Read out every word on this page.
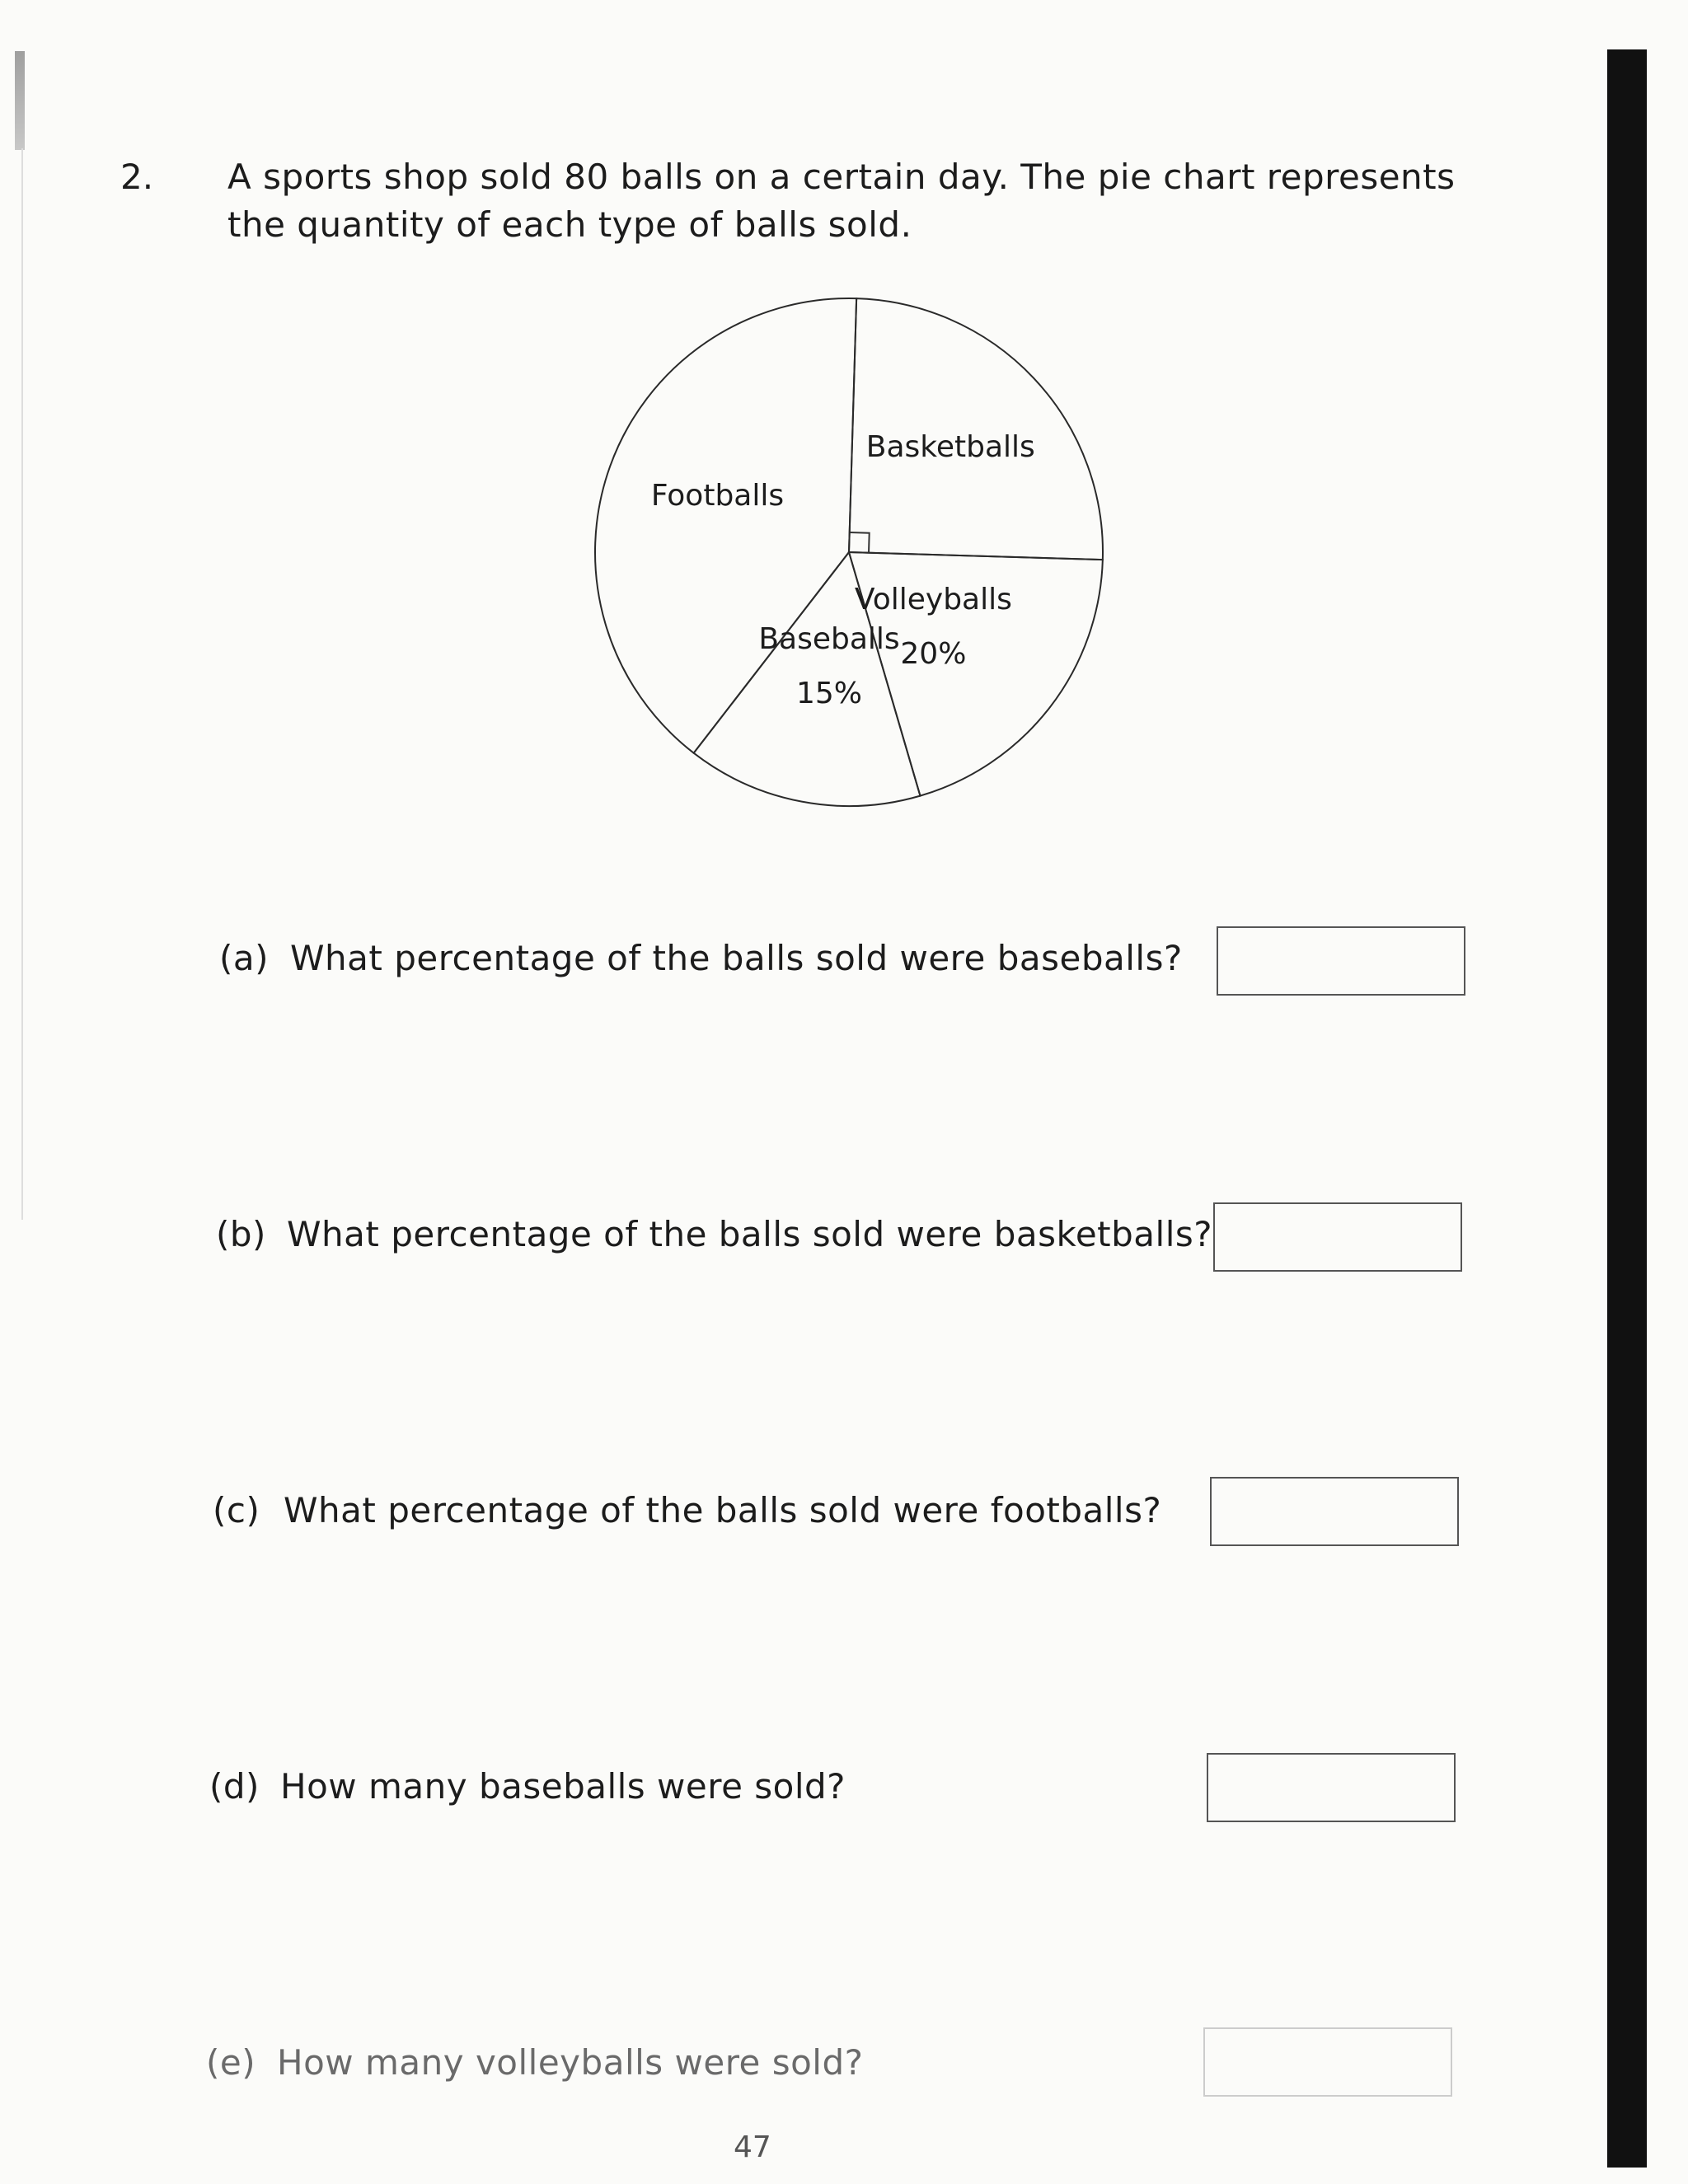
2. A sports shop sold 80 balls on a certain day. The pie chart represents the quantity of each type of balls sold.

Basketballs
Volleyballs
20%
Baseballs
15%
Footballs
(a) What percentage of the balls sold were baseballs?
(b) What percentage of the balls sold were basketballs?
(c) What percentage of the balls sold were footballs?
(d) How many baseballs were sold?
(e) How many volleyballs were sold?
47
